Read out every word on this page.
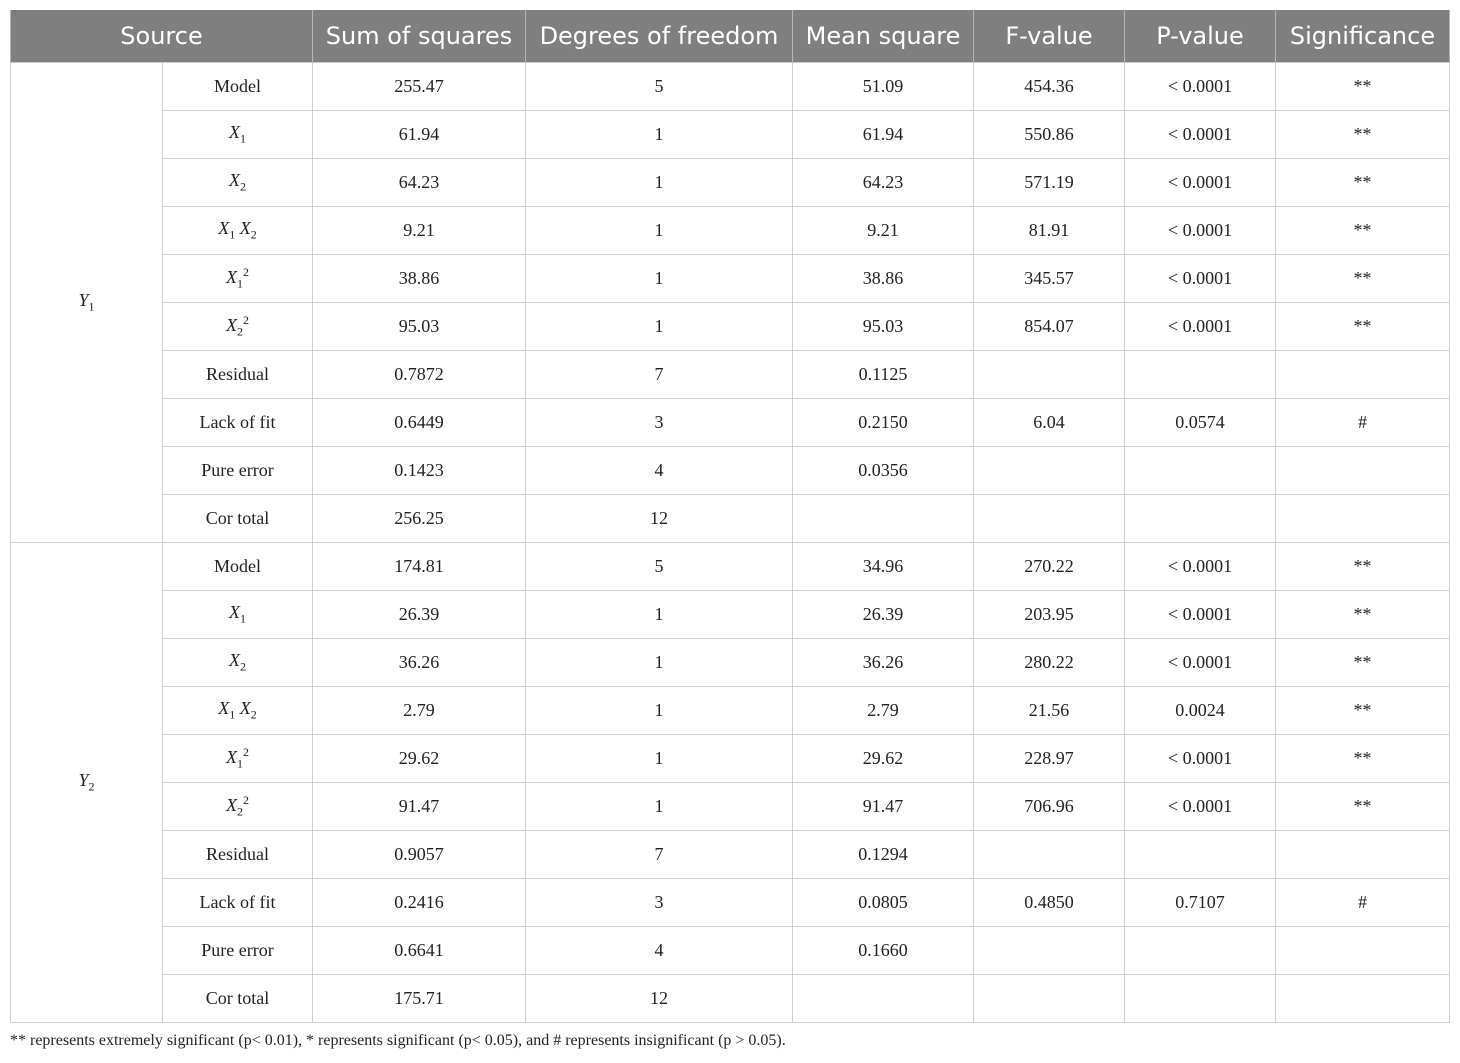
Source		Sum of squares	Degrees of freedom	Mean square	F-value	P-value	Significance
$Y_1$	Model	255.47	5	51.09	454.36	< 0.0001	**
	$X_1$	61.94	1	61.94	550.86	< 0.0001	**
	$X_2$	64.23	1	64.23	571.19	< 0.0001	**
	$X_1$ $X_2$	9.21	1	9.21	81.91	< 0.0001	**
	$X_1^2$	38.86	1	38.86	345.57	< 0.0001	**
	$X_2^2$	95.03	1	95.03	854.07	< 0.0001	**
	Residual	0.7872	7	0.1125			
	Lack of fit	0.6449	3	0.2150	6.04	0.0574	#
	Pure error	0.1423	4	0.0356			
	Cor total	256.25	12				
$Y_2$	Model	174.81	5	34.96	270.22	< 0.0001	**
	$X_1$	26.39	1	26.39	203.95	< 0.0001	**
	$X_2$	36.26	1	36.26	280.22	< 0.0001	**
	$X_1$ $X_2$	2.79	1	2.79	21.56	0.0024	**
	$X_1^2$	29.62	1	29.62	228.97	< 0.0001	**
	$X_2^2$	91.47	1	91.47	706.96	< 0.0001	**
	Residual	0.9057	7	0.1294			
	Lack of fit	0.2416	3	0.0805	0.4850	0.7107	#
	Pure error	0.6641	4	0.1660			
	Cor total	175.71	12				
** represents extremely significant (p< 0.01), * represents significant (p< 0.05), and # represents insignificant (p > 0.05).
